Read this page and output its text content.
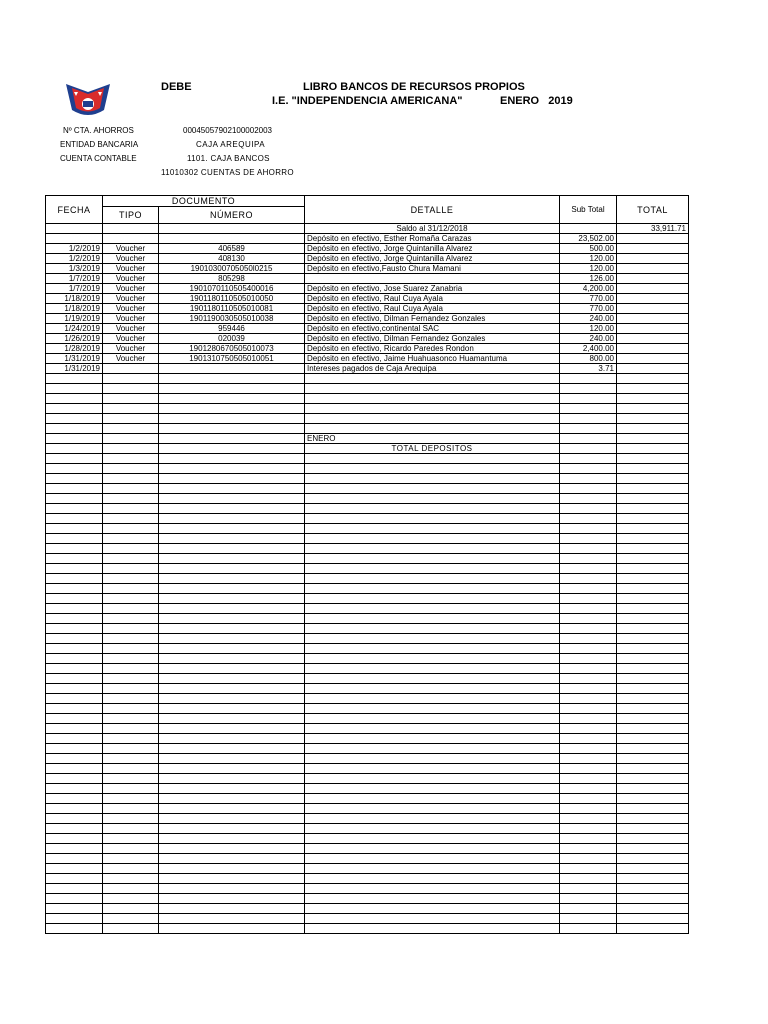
DEBE	LIBRO BANCOS DE RECURSOS PROPIOS
I.E. "INDEPENDENCIA AMERICANA"	ENERO   2019
Nº CTA. AHORROS	00045057902100002003
ENTIDAD BANCARIA	CAJA AREQUIPA
CUENTA CONTABLE	1101. CAJA BANCOS
11010302 CUENTAS DE AHORRO
FECHA	DOCUMENTO		DETALLE	Sub Total	TOTAL
	TIPO	NÚMERO			
			Saldo al 31/12/2018		33,911.71
			Depósito en efectivo, Esther Romaña Carazas	23,502.00	
1/2/2019	Voucher	406589	Depósito en efectivo, Jorge Quintanilla Alvarez	500.00	
1/2/2019	Voucher	408130	Depósito en efectivo, Jorge Quintanilla Alvarez	120.00	
1/3/2019	Voucher	19010300705050l0215	Depósito en efectivo,Fausto Chura Mamani	120.00	
1/7/2019	Voucher	805298		126.00	
1/7/2019	Voucher	1901070110505400016	Depósito en efectivo, Jose Suarez Zanabria	4,200.00	
1/18/2019	Voucher	1901180110505010050	Depósito en efectivo, Raul Cuya Ayala	770.00	
1/18/2019	Voucher	1901180110505010081	Depósito en efectivo, Raul Cuya Ayala	770.00	
1/19/2019	Voucher	1901190030505010038	Depósito en efectivo, Dilman Fernandez Gonzales	240.00	
1/24/2019	Voucher	959446	Depósito en efectivo,continental SAC	120.00	
1/26/2019	Voucher	020039	Depósito en efectivo, Dilman Fernandez Gonzales	240.00	
1/28/2019	Voucher	1901280670505010073	Depósito en efectivo, Ricardo Paredes Rondon	2,400.00	
1/31/2019	Voucher	1901310750505010051	Depósito en efectivo, Jaime Huahuasonco Huamantuma	800.00	
1/31/2019			Intereses pagados de Caja Arequipa	3.71	

			ENERO		
			TOTAL DEPOSITOS		
